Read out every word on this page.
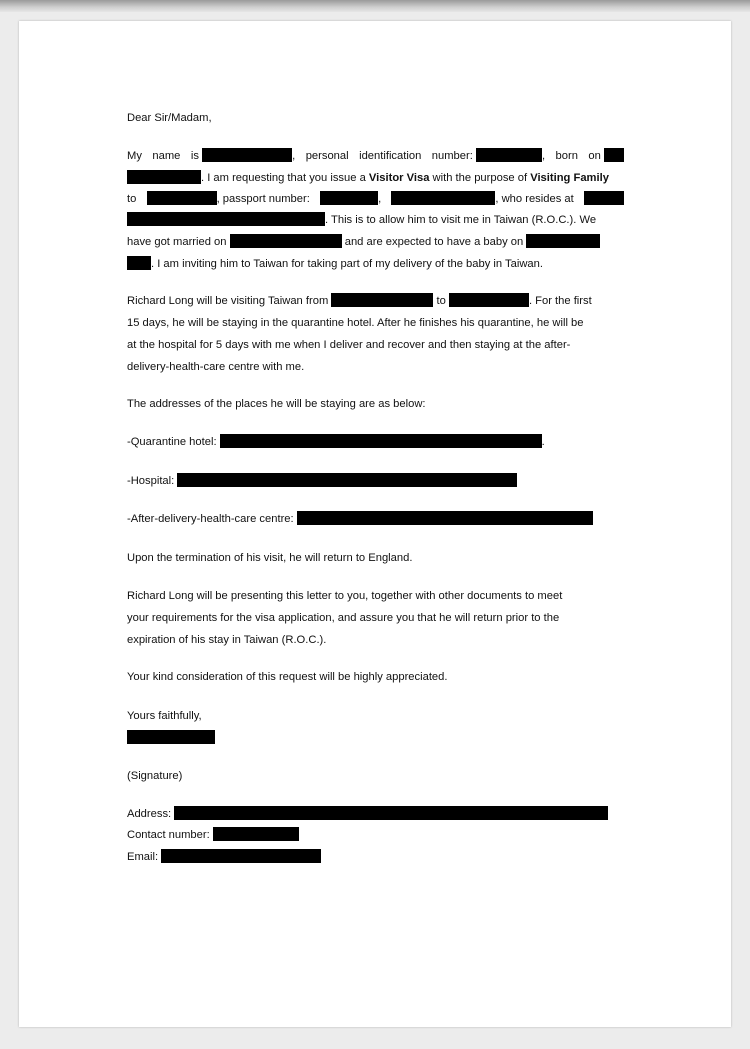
Dear Sir/Madam,
My name is	, personal identification number:	, born on
. I am requesting that you issue a Visitor Visa with the purpose of Visiting Family
to	, passport number:	,	, who resides at
. This is to allow him to visit me in Taiwan (R.O.C.). We
have got married on	and are expected to have a baby on
. I am inviting him to Taiwan for taking part of my delivery of the baby in Taiwan.
Richard Long will be visiting Taiwan from	to	. For the first
15 days, he will be staying in the quarantine hotel. After he finishes his quarantine, he will be
at the hospital for 5 days with me when I deliver and recover and then staying at the after-
delivery-health-care centre with me.
The addresses of the places he will be staying are as below:
-Quarantine hotel:	.
-Hospital:
-After-delivery-health-care centre:
Upon the termination of his visit, he will return to England.
Richard Long will be presenting this letter to you, together with other documents to meet
your requirements for the visa application, and assure you that he will return prior to the
expiration of his stay in Taiwan (R.O.C.).
Your kind consideration of this request will be highly appreciated.
Yours faithfully,
(Signature)
Address:
Contact number:
Email:
